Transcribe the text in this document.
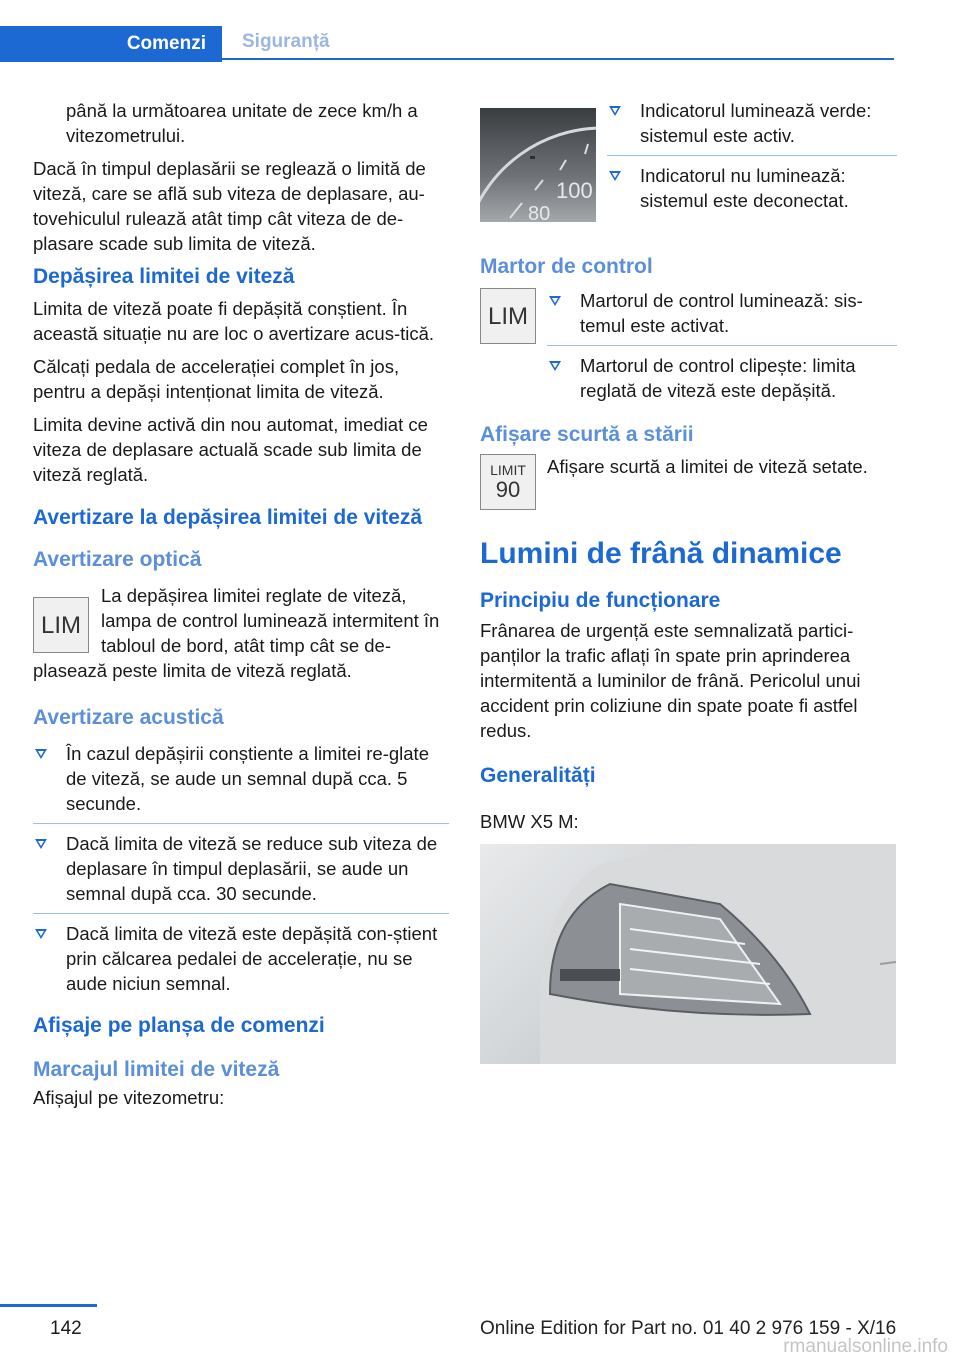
Comenzi	Siguranță

până la următoarea unitate de zece km/h a vitezometrului.

Dacă în timpul deplasării se reglează o limită de viteză, care se află sub viteza de deplasare, au-tovehiculul rulează atât timp cât viteza de de-plasare scade sub limita de viteză.

Depășirea limitei de viteză

Limita de viteză poate fi depășită conștient. În această situație nu are loc o avertizare acus-tică.

Călcați pedala de accelerației complet în jos, pentru a depăși intenționat limita de viteză.

Limita devine activă din nou automat, imediat ce viteza de deplasare actuală scade sub limita de viteză reglată.

Avertizare la depășirea limitei de viteză
Avertizare optică
LIM

La depășirea limitei reglate de viteză, lampa de control luminează intermitent în tabloul de bord, atât timp cât se de-plasează peste limita de viteză reglată.

Avertizare acustică
În cazul depășirii conștiente a limitei re-glate de viteză, se aude un semnal după cca. 5 secunde.
Dacă limita de viteză se reduce sub viteza de deplasare în timpul deplasării, se aude un semnal după cca. 30 secunde.
Dacă limita de viteză este depășită con-știent prin călcarea pedalei de accelerație, nu se aude niciun semnal.
Afișaje pe planșa de comenzi
Marcajul limitei de viteză

Afișajul pe vitezometru:

100
80
Indicatorul luminează verde: sistemul este activ.
Indicatorul nu luminează: sistemul este deconectat.
Martor de control
LIM
Martorul de control luminează: sis-temul este activat.
Martorul de control clipește: limita reglată de viteză este depășită.
Afișare scurtă a stării
LIMIT
90

Afișare scurtă a limitei de viteză setate.

Lumini de frână dinamice
Principiu de funcționare

Frânarea de urgență este semnalizată partici-panților la trafic aflați în spate prin aprinderea intermitentă a luminilor de frână. Pericolul unui accident prin coliziune din spate poate fi astfel redus.

Generalități

BMW X5 M:

142	Online Edition for Part no. 01 40 2 976 159 - X/16
rmanualsonline.info
